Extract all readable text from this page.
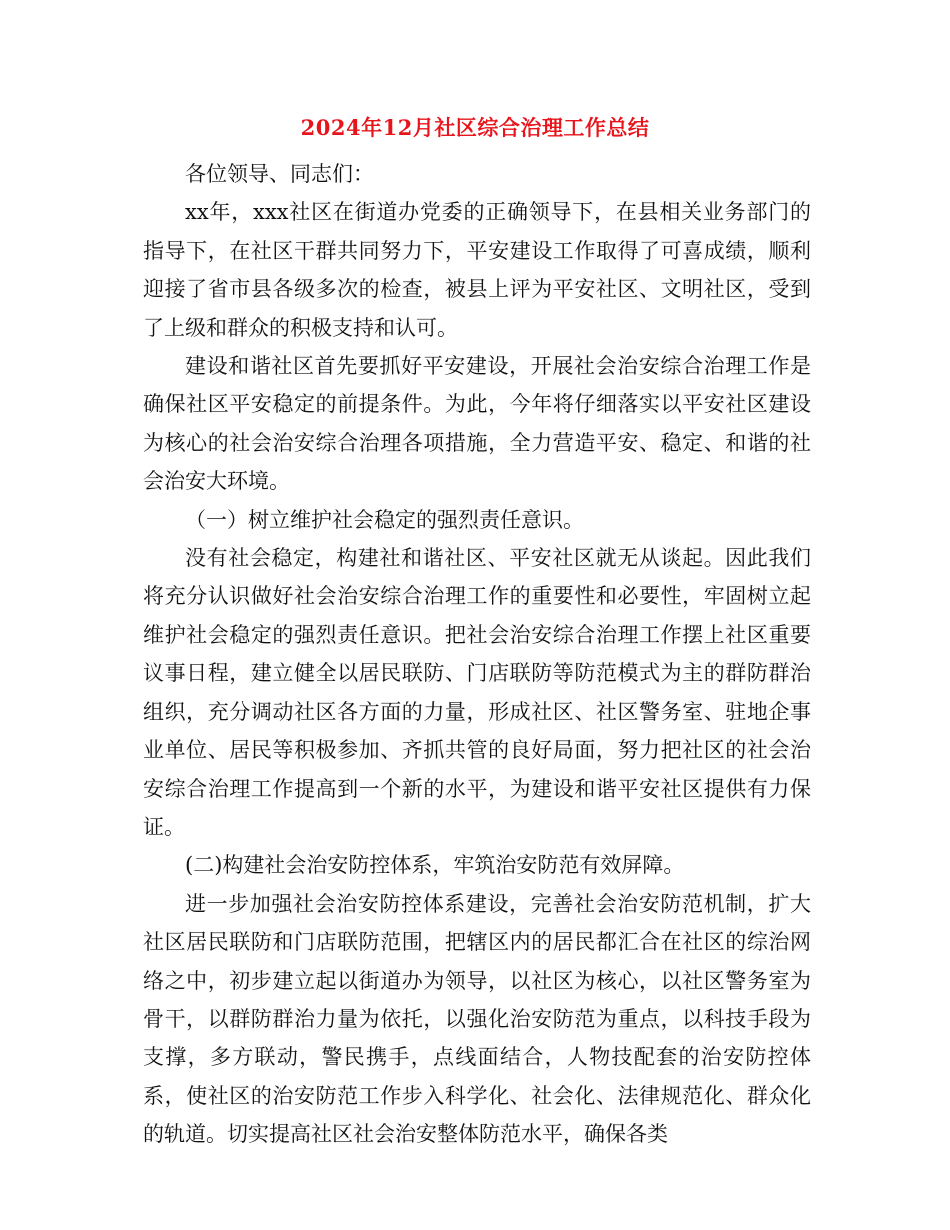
2024年12月社区综合治理工作总结

各位领导、同志们：

xx年，xxx社区在街道办党委的正确领导下，在县相关业务部门的指导下，在社区干群共同努力下，平安建设工作取得了可喜成绩，顺利迎接了省市县各级多次的检查，被县上评为平安社区、文明社区，受到了上级和群众的积极支持和认可。

建设和谐社区首先要抓好平安建设，开展社会治安综合治理工作是确保社区平安稳定的前提条件。为此，今年将仔细落实以平安社区建设为核心的社会治安综合治理各项措施，全力营造平安、稳定、和谐的社会治安大环境。

（一）树立维护社会稳定的强烈责任意识。

没有社会稳定，构建社和谐社区、平安社区就无从谈起。因此我们将充分认识做好社会治安综合治理工作的重要性和必要性，牢固树立起维护社会稳定的强烈责任意识。把社会治安综合治理工作摆上社区重要议事日程，建立健全以居民联防、门店联防等防范模式为主的群防群治组织，充分调动社区各方面的力量，形成社区、社区警务室、驻地企事业单位、居民等积极参加、齐抓共管的良好局面，努力把社区的社会治安综合治理工作提高到一个新的水平，为建设和谐平安社区提供有力保证。

(二)构建社会治安防控体系，牢筑治安防范有效屏障。

进一步加强社会治安防控体系建设，完善社会治安防范机制，扩大社区居民联防和门店联防范围，把辖区内的居民都汇合在社区的综治网络之中，初步建立起以街道办为领导，以社区为核心，以社区警务室为骨干，以群防群治力量为依托，以强化治安防范为重点，以科技手段为支撑，多方联动，警民携手，点线面结合，人物技配套的治安防控体系，使社区的治安防范工作步入科学化、社会化、法律规范化、群众化的轨道。切实提高社区社会治安整体防范水平，确保各类
